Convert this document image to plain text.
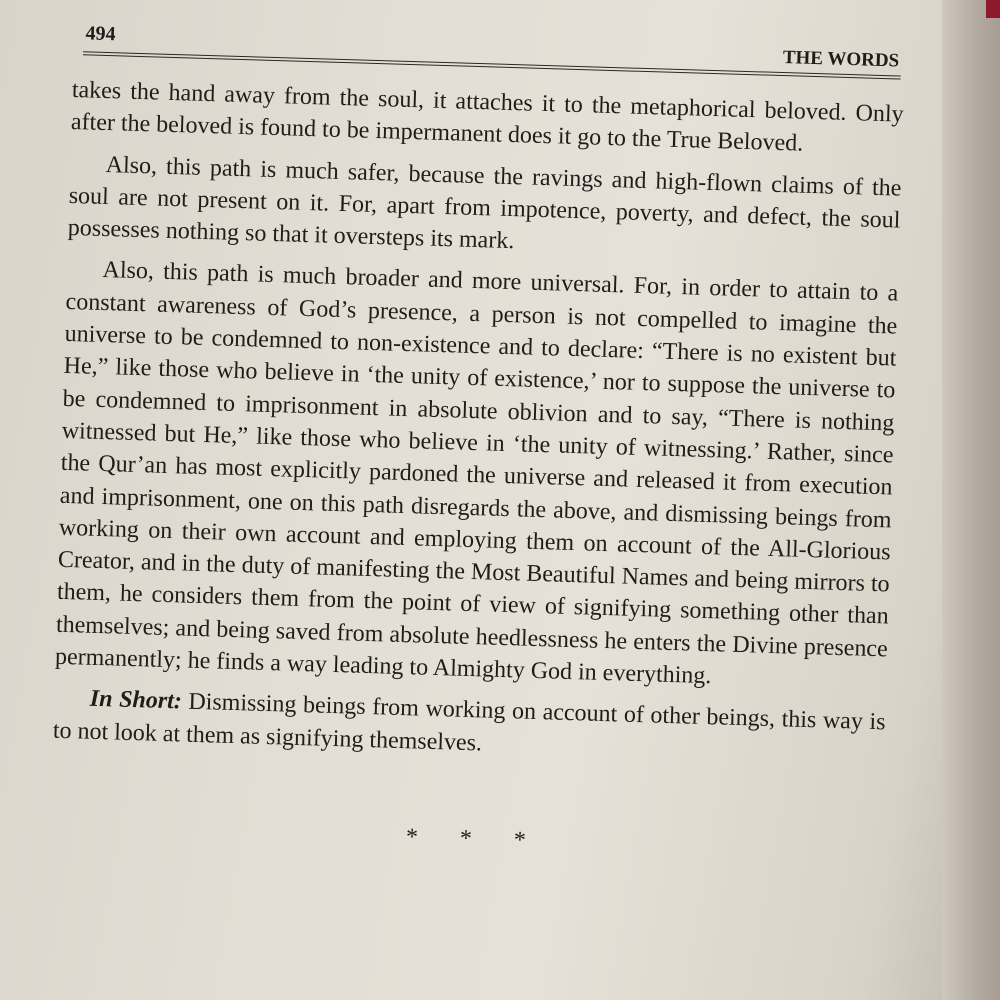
494
THE WORDS

takes the hand away from the soul, it attaches it to the metaphorical beloved. Only after the beloved is found to be impermanent does it go to the True Beloved.

Also, this path is much safer, because the ravings and high-flown claims of the soul are not present on it. For, apart from impotence, poverty, and defect, the soul possesses nothing so that it oversteps its mark.

Also, this path is much broader and more universal. For, in order to attain to a constant awareness of God’s presence, a person is not compelled to imagine the universe to be condemned to non-existence and to declare: “There is no existent but He,” like those who believe in ‘the unity of existence,’ nor to suppose the universe to be condemned to imprisonment in absolute oblivion and to say, “There is nothing witnessed but He,” like those who believe in ‘the unity of witnessing.’ Rather, since the Qur’an has most explicitly pardoned the universe and released it from execution and imprisonment, one on this path disregards the above, and dismissing beings from working on their own account and employing them on account of the All-Glorious Creator, and in the duty of manifesting the Most Beautiful Names and being mirrors to them, he considers them from the point of view of signifying something other than themselves; and being saved from absolute heedlessness he enters the Divine presence permanently; he finds a way leading to Almighty God in everything.

In Short: Dismissing beings from working on account of other beings, this way is to not look at them as signifying themselves.

* * *
